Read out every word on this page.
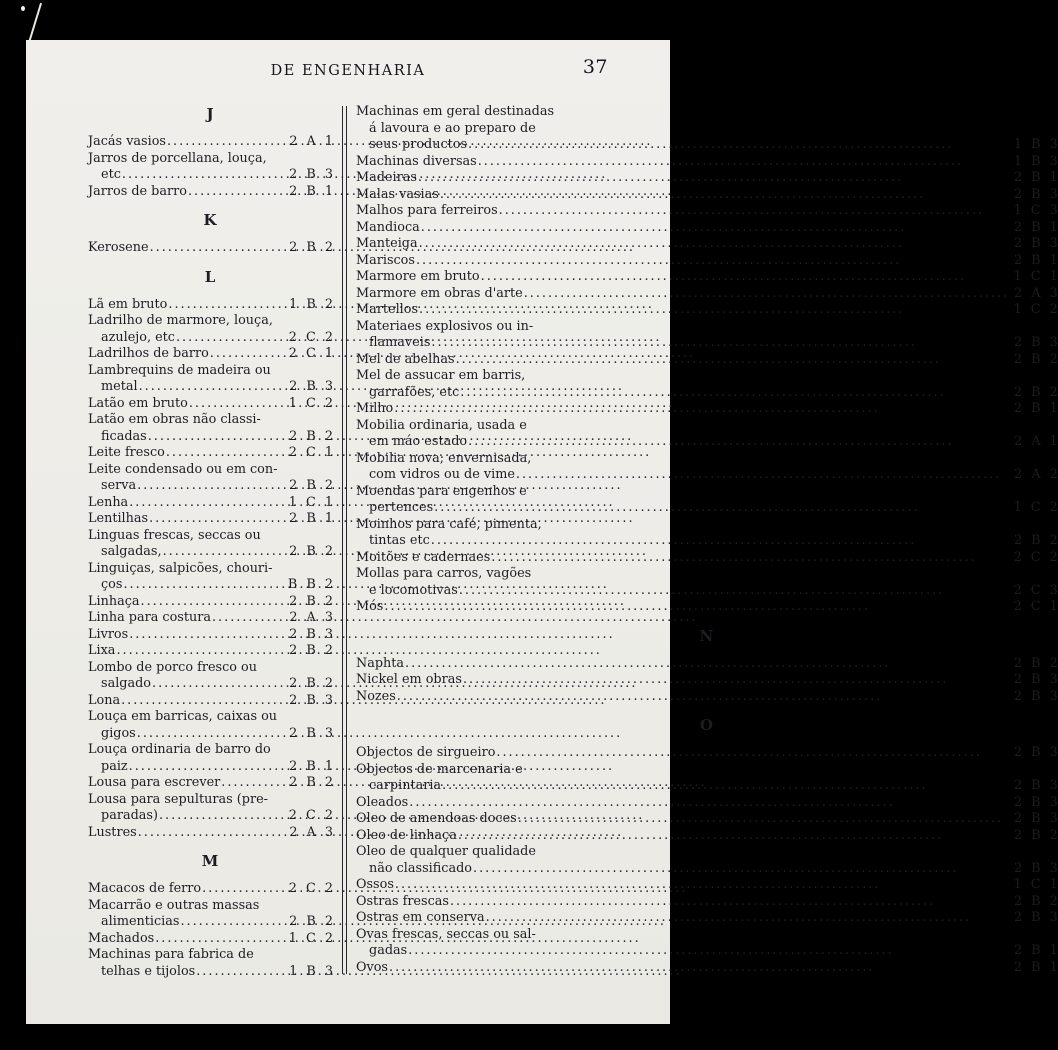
DE ENGENHARIA	37
J
Jacás vasios .....	2 A 1
Jarros de porcellana, louça,
etc .....	2 B 3
Jarros de barro .....	2 B 1
K
Kerosene .....	2 B 2
L
Lã em bruto .....	1 B 2
Ladrilho de marmore, louça,
azulejo, etc .....	2 C 2
Ladrilhos de barro .....	2 C 1
Lambrequins de madeira ou
metal .....	2 B 3
Latão em bruto .....	1 C 2
Latão em obras não classi-
ficadas .....	2 B 2
Leite fresco .....	2 C 1
Leite condensado ou em con-
serva .....	2 B 2
Lenha .....	1 C 1
Lentilhas .....	2 B 1
Linguas frescas, seccas ou
salgadas, .....	2 B 2
Linguiças, salpicões, chouri-
ços .....	B B 2
Linhaça .....	2 B 2
Linha para costura .....	2 A 3
Livros .....	2 B 3
Lixa .....	2 B 2
Lombo de porco fresco ou
salgado .....	2 B 2
Lona .....	2 B 3
Louça em barricas, caixas ou
gigos .....	2 B 3
Louça ordinaria de barro do
paiz .....	2 B 1
Lousa para escrever .....	2 B 2
Lousa para sepulturas (pre-
paradas) .....	2 C 2
Lustres .....	2 A 3
M
Macacos de ferro .....	2 C 2
Macarrão e outras massas
alimenticias .....	2 B 2
Machados .....	1 C 2
Machinas para fabrica de
telhas e tijolos .....	1 B 3
Machinas em geral destinadas
á lavoura e ao preparo de
seus productos .....	1 B 3
Machinas diversas .....	1 B 3
Madeiras .....	2 B 1
Malas vasias .....	2 B 3
Malhos para ferreiros .....	1 C 3
Mandioca .....	2 B 1
Manteiga .....	2 B 3
Mariscos .....	2 B 1
Marmore em bruto .....	1 C 1
Marmore em obras d'arte .....	2 A 3
Martellos .....	1 C 2
Materiaes explosivos ou in-
flamaveis .....	2 B 3
Mel de abelhas .....	2 B 2
Mel de assucar em barris,
garrafões, etc .....	2 B 2
Milho .....	2 B 1
Mobilia ordinaria, usada e
em máo estado .....	2 A 1
Mobilia nova; envernisada,
com vidros ou de vime .....	2 A 2
Moendas para engenhos e
pertences .....	1 C 2
Moinhos para café, pimenta,
tintas etc .....	2 B 2
Moitões e cadernaes .....	2 C 2
Mollas para carros, vagões
e locomotivas .....	2 C 3
Mós .....	2 C 1
N
Naphta .....	2 B 2
Nickel em obras .....	2 B 3
Nozes .....	2 B 3
O
Objectos de sirgueiro .....	2 B 3
Objectos de marcenaria e
carpintaria .....	2 B 3
Oleados .....	2 B 3
Oleo de amendoas doces .....	2 B 3
Oleo de linhaça .....	2 B 2
Oleo de qualquer qualidade
não classificado .....	2 B 3
Ossos .....	1 C 1
Ostras frescas .....	2 B 2
Ostras em conserva .....	2 B 3
Ovas frescas, seccas ou sal-
gadas .....	2 B 1
Ovos .....	2 B 1
